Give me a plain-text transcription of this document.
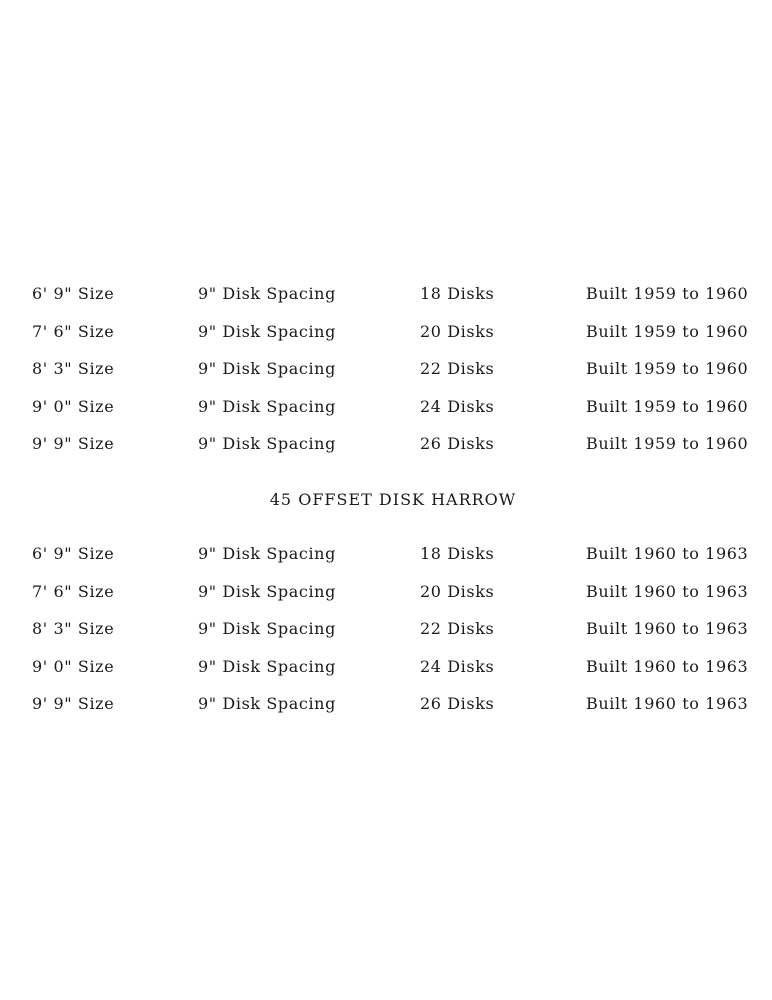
6' 9" Size	9" Disk Spacing	18 Disks	Built 1959 to 1960
7' 6" Size	9" Disk Spacing	20 Disks	Built 1959 to 1960
8' 3" Size	9" Disk Spacing	22 Disks	Built 1959 to 1960
9' 0" Size	9" Disk Spacing	24 Disks	Built 1959 to 1960
9' 9" Size	9" Disk Spacing	26 Disks	Built 1959 to 1960
45 OFFSET DISK HARROW
6' 9" Size	9" Disk Spacing	18 Disks	Built 1960 to 1963
7' 6" Size	9" Disk Spacing	20 Disks	Built 1960 to 1963
8' 3" Size	9" Disk Spacing	22 Disks	Built 1960 to 1963
9' 0" Size	9" Disk Spacing	24 Disks	Built 1960 to 1963
9' 9" Size	9" Disk Spacing	26 Disks	Built 1960 to 1963
